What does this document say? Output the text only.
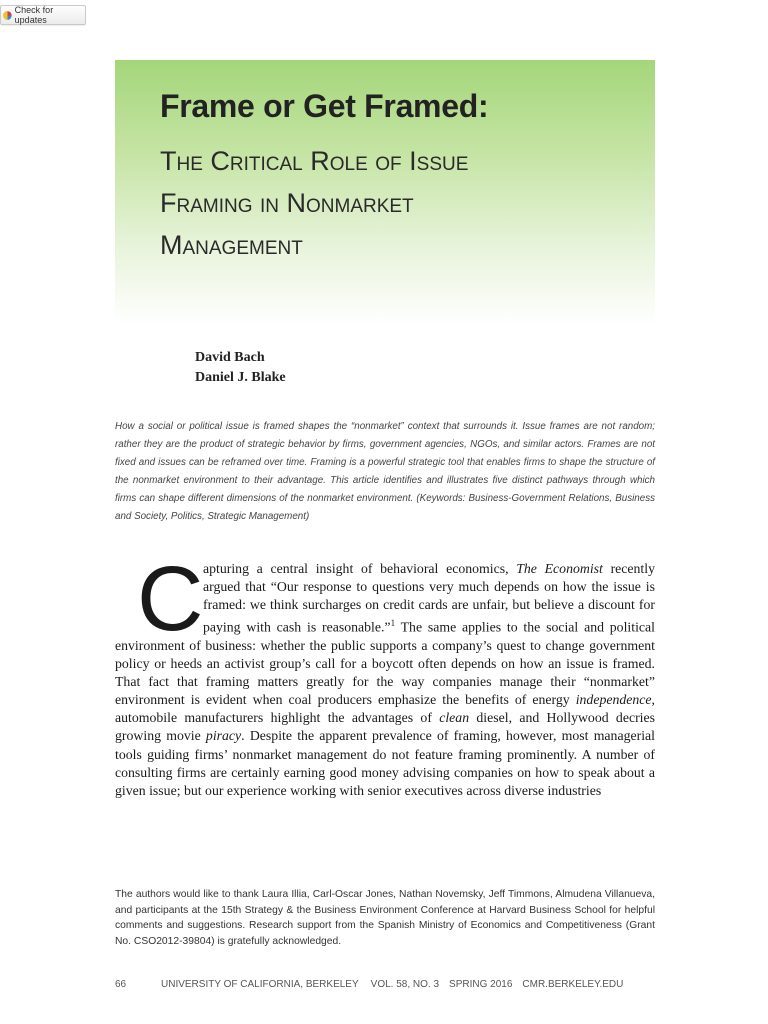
Check for updates
Frame or Get Framed:
The Critical Role of Issue
Framing in Nonmarket
Management
David Bach
Daniel J. Blake

How a social or political issue is framed shapes the “nonmarket” context that surrounds it. Issue frames are not random; rather they are the product of strategic behavior by firms, government agencies, NGOs, and similar actors. Frames are not fixed and issues can be reframed over time. Framing is a powerful strategic tool that enables firms to shape the structure of the nonmarket environment to their advantage. This article identifies and illustrates five distinct pathways through which firms can shape different dimensions of the nonmarket environment. (Keywords: Business-Government Relations, Business and Society, Politics, Strategic Management)

Capturing a central insight of behavioral economics, The Economist recently argued that “Our response to questions very much depends on how the issue is framed: we think surcharges on credit cards are unfair, but believe a discount for paying with cash is reasonable.”$^1$ The same applies to the social and political environment of business: whether the public supports a company’s quest to change government policy or heeds an activist group’s call for a boycott often depends on how an issue is framed. That fact that framing matters greatly for the way companies manage their “nonmarket” environment is evident when coal producers emphasize the benefits of energy independence, automobile manufacturers highlight the advantages of clean diesel, and Hollywood decries growing movie piracy. Despite the apparent prevalence of framing, however, most managerial tools guiding firms’ nonmarket management do not feature framing prominently. A number of consulting firms are certainly earning good money advising companies on how to speak about a given issue; but our experience working with senior executives across diverse industries

The authors would like to thank Laura Illia, Carl-Oscar Jones, Nathan Novemsky, Jeff Timmons, Almudena Villanueva, and participants at the 15th Strategy & the Business Environment Conference at Harvard Business School for helpful comments and suggestions. Research support from the Spanish Ministry of Economics and Competitiveness (Grant No. CSO2012-39804) is gratefully acknowledged.

66	UNIVERSITY OF CALIFORNIA, BERKELEY VOL. 58, NO. 3 SPRING 2016 CMR.BERKELEY.EDU
